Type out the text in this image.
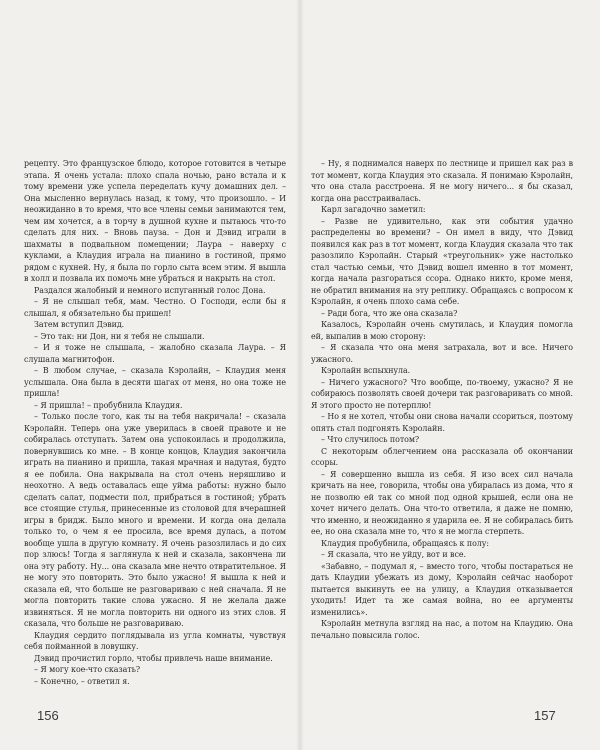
рецепту. Это французское блюдо, которое готовится в четыре этапа. Я очень устала: плохо спала ночью, рано встала и к тому времени уже успела переделать кучу домашних дел. – Она мысленно вернулась назад, к тому, что произошло. – И неожиданно в то время, что все члены семьи занимаются тем, чем им хочется, а в торчу в душной кухне и пытаюсь что-то сделать для них. – Вновь пауза. – Дон и Дэвид играли в шахматы в подвальном помещении; Лаура – наверху с куклами, а Клаудия играла на пианино в гостиной, прямо рядом с кухней. Ну, я была по горло сыта всем этим. Я вышла в холл и позвала их помочь мне убраться и накрыть на стол.

Раздался жалобный и немного испуганный голос Дона.

– Я не слышал тебя, мам. Честно. О Господи, если бы я слышал, я обязательно бы пришел!

Затем вступил Дэвид.

– Это так: ни Дон, ни я тебя не слышали.

– И я тоже не слышала, – жалобно сказала Лаура. – Я слушала магнитофон.

– В любом случае, – сказала Кэролайн, – Клаудия меня услышала. Она была в десяти шагах от меня, но она тоже не пришла!

– Я пришла! – пробубнила Клаудия.

– Только после того, как ты на тебя накричала! – сказала Кэролайн. Теперь она уже уверилась в своей правоте и не собиралась отступать. Затем она успокоилась и продолжила, повернувшись ко мне. – В конце концов, Клаудия закончила играть на пианино и пришла, такая мрачная и надутая, будто я ее побила. Она накрывала на стол очень неряшливо и неохотно. А ведь оставалась еще уйма работы: нужно было сделать салат, подмести пол, прибраться в гостиной; убрать все стоящие стулья, принесенные из столовой для вчерашней игры в бридж. Было много и времени. И когда она делала только то, о чем я ее просила, все время дулась, а потом вообще ушла в другую комнату. Я очень разозлилась и до сих пор злюсь! Тогда я заглянула к ней и сказала, закончена ли она эту работу. Ну... она сказала мне нечто отвратительное. Я не могу это повторить. Это было ужасно! Я вышла к ней и сказала ей, что больше не разговариваю с ней сначала. Я не могла повторить такие слова ужасно. Я не желала даже извиняться. Я не могла повторить ни одного из этих слов. Я сказала, что больше не разговариваю.

Клаудия сердито поглядывала из угла комнаты, чувствуя себя пойманной в ловушку.

Дэвид прочистил горло, чтобы привлечь наше внимание.

– Я могу кое-что сказать?

– Конечно, – ответил я.

156

– Ну, я поднимался наверх по лестнице и пришел как раз в тот момент, когда Клаудия это сказала. Я понимаю Кэролайн, что она стала расстроена. Я не могу ничего... я бы сказал, когда она расстраивалась.

Карл загадочно заметил:

– Разве не удивительно, как эти события удачно распределены во времени? – Он имел в виду, что Дэвид появился как раз в тот момент, когда Клаудия сказала что так разозлило Кэролайн. Старый «треугольник» уже настолько стал частью семьи, что Дэвид вошел именно в тот момент, когда начала разгораться ссора. Однако никто, кроме меня, не обратил внимания на эту реплику. Обращаясь с вопросом к Кэролайн, я очень плохо сама себе.

– Ради бога, что же она сказала?

Казалось, Кэролайн очень смутилась, и Клаудия помогла ей, выпалив в мою сторону:

– Я сказала что она меня затрахала, вот и все. Ничего ужасного.

Кэролайн вспыхнула.

– Ничего ужасного? Что вообще, по-твоему, ужасно? Я не собираюсь позволять своей дочери так разговаривать со мной. Я этого просто не потерплю!

– Но я не хотел, чтобы они снова начали ссориться, поэтому опять стал подгонять Кэролайн.

– Что случилось потом?

С некоторым облегчением она рассказала об окончании ссоры.

– Я совершенно вышла из себя. Я изо всех сил начала кричать на нее, говорила, чтобы она убиралась из дома, что я не позволю ей так со мной под одной крышей, если она не хочет ничего делать. Она что-то ответила, я даже не помню, что именно, и неожиданно я ударила ее. Я не собиралась бить ее, но она сказала мне то, что я не могла стерпеть.

Клаудия пробубнила, обращаясь к полу:

– Я сказала, что не уйду, вот и все.

«Забавно, – подумал я, – вместо того, чтобы постараться не дать Клаудии убежать из дому, Кэролайн сейчас наоборот пытается выкинуть ее на улицу, а Клаудия отказывается уходить! Идет та же самая война, но ее аргументы изменились».

Кэролайн метнула взгляд на нас, а потом на Клаудию. Она печально повысила голос.

157
